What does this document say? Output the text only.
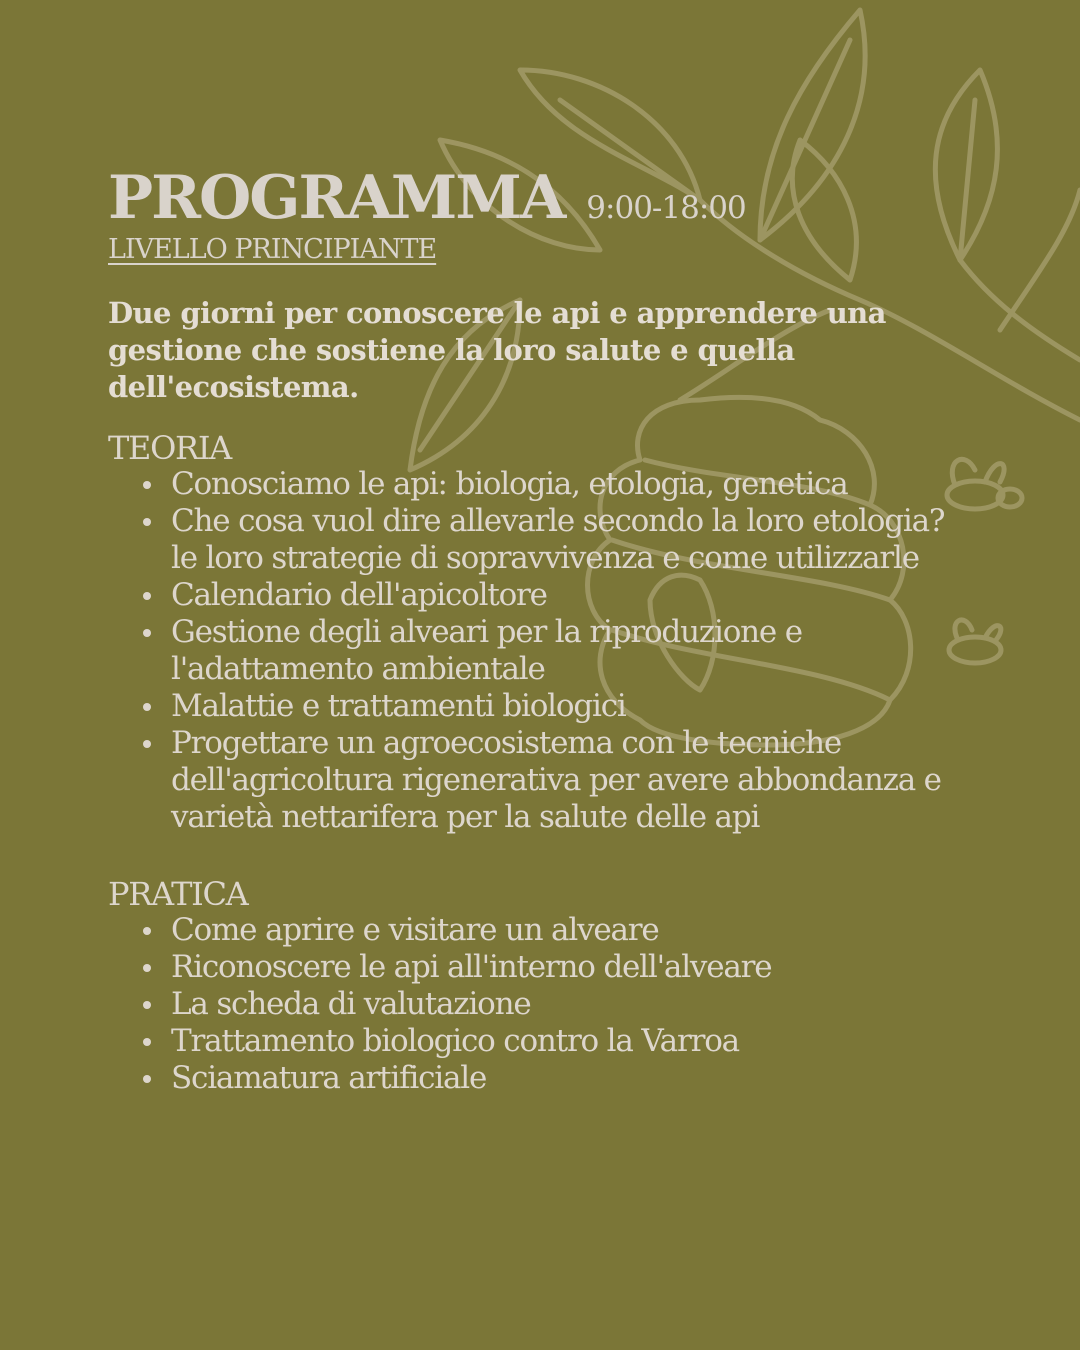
PROGRAMMA 9:00-18:00
LIVELLO PRINCIPIANTE
Due giorni per conoscere le api e apprendere una gestione che sostiene la loro salute e quella dell'ecosistema.
TEORIA
Conosciamo le api: biologia, etologia, genetica
Che cosa vuol dire allevarle secondo la loro etologia? le loro strategie di sopravvivenza e come utilizzarle
Calendario dell'apicoltore
Gestione degli alveari per la riproduzione e l'adattamento ambientale
Malattie e trattamenti biologici
Progettare un agroecosistema con le tecniche dell'agricoltura rigenerativa per avere abbondanza e varietà nettarifera per la salute delle api
PRATICA
Come aprire e visitare un alveare
Riconoscere le api all'interno dell'alveare
La scheda di valutazione
Trattamento biologico contro la Varroa
Sciamatura artificiale
